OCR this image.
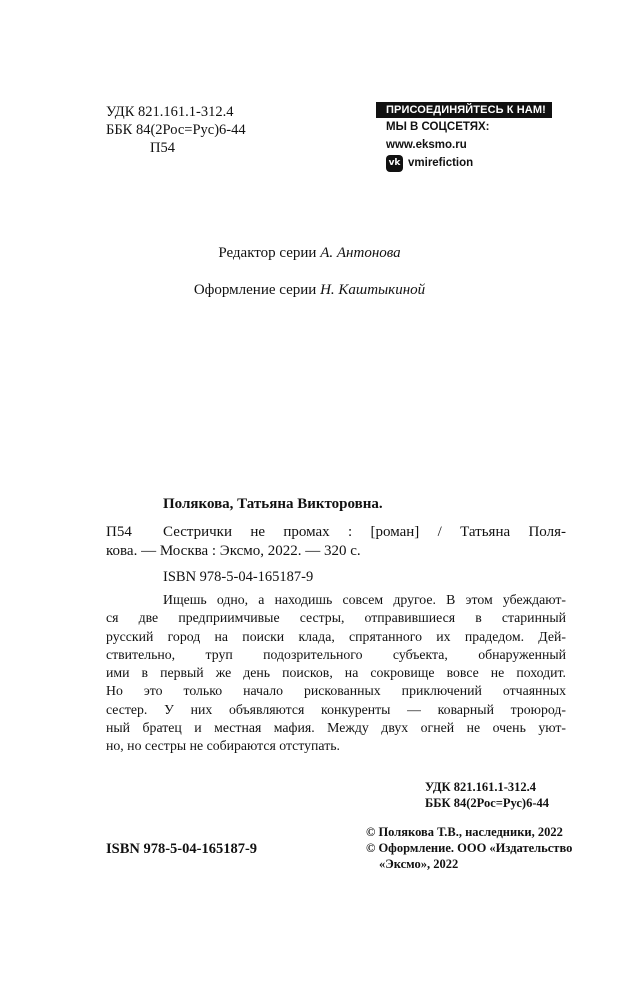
УДК 821.161.1-312.4
ББК 84(2Рос=Рус)6-44
П54
ПРИСОЕДИНЯЙТЕСЬ К НАМ!
МЫ В СОЦСЕТЯХ:
www.eksmo.ru
vk vmirefiction
Редактор серии А. Антонова
Оформление серии Н. Каштыкиной
Полякова, Татьяна Викторовна.
П54 Сестрички не промах : [роман] / Татьяна Поля-
кова. — Москва : Эксмо, 2022. — 320 с.
ISBN 978-5-04-165187-9
Ищешь одно, а находишь совсем другое. В этом убеждают-
ся две предприимчивые сестры, отправившиеся в старинный
русский город на поиски клада, спрятанного их прадедом. Дей-
ствительно, труп подозрительного субъекта, обнаруженный
ими в первый же день поисков, на сокровище вовсе не походит.
Но это только начало рискованных приключений отчаянных
сестер. У них объявляются конкуренты — коварный троюрод-
ный братец и местная мафия. Между двух огней не очень уют-
но, но сестры не собираются отступать.
УДК 821.161.1-312.4
ББК 84(2Рос=Рус)6-44
© Полякова Т.В., наследники, 2022
© Оформление. ООО «Издательство
«Эксмо», 2022
ISBN 978-5-04-165187-9
